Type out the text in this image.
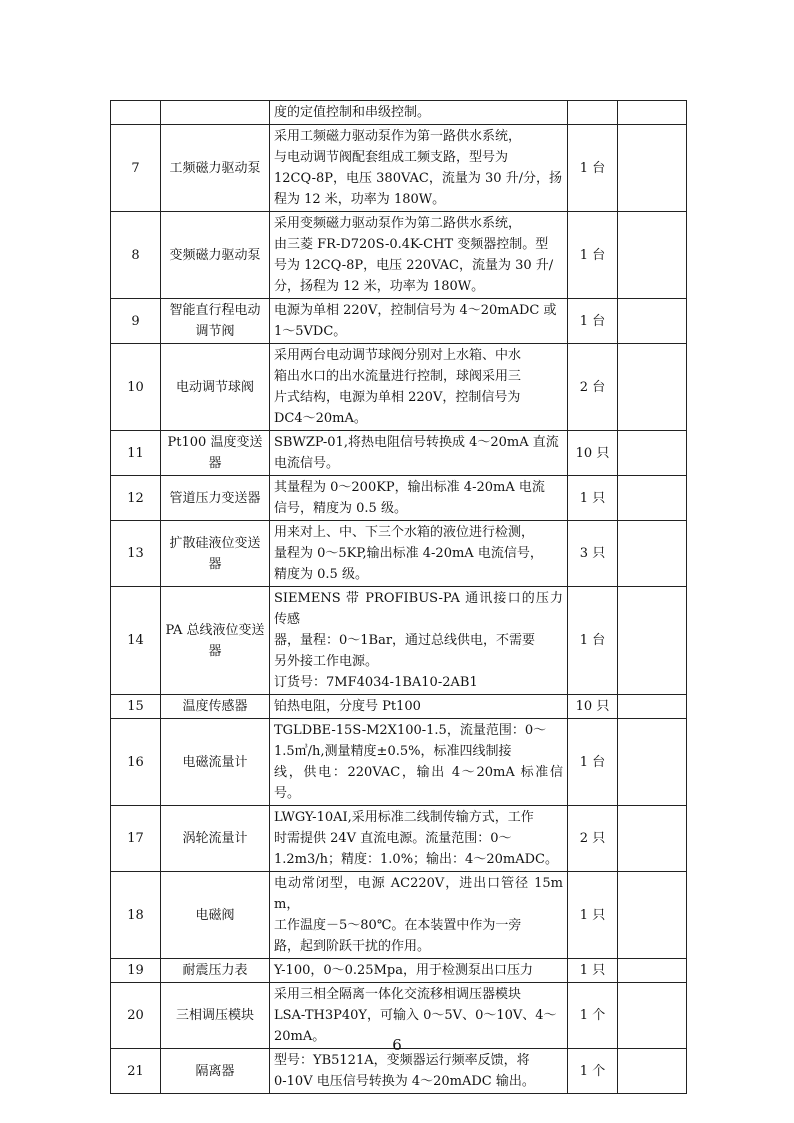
		度的定值控制和串级控制。		

7	工频磁力驱动泵	采用工频磁力驱动泵作为第一路供水系统，
与电动调节阀配套组成工频支路，型号为
12CQ-8P，电压 380VAC，流量为 30 升/分，扬
程为 12 米，功率为 180W。	1 台	
8	变频磁力驱动泵	采用变频磁力驱动泵作为第二路供水系统，
由三菱 FR-D720S-0.4K-CHT 变频器控制。型
号为 12CQ-8P，电压 220VAC，流量为 30 升/
分，扬程为 12 米，功率为 180W。	1 台	
9	智能直行程电动调节阀	电源为单相 220V，控制信号为 4～20mADC 或
1～5VDC。	1 台	
10	电动调节球阀	采用两台电动调节球阀分别对上水箱、中水
箱出水口的出水流量进行控制，球阀采用三
片式结构，电源为单相 220V，控制信号为
DC4～20mA。	2 台	
11	Pt100 温度变送器	SBWZP-01,将热电阻信号转换成 4～20mA 直流
电流信号。	10 只	
12	管道压力变送器	其量程为 0～200KP，输出标准 4-20mA 电流
信号，精度为 0.5 级。	1 只	
13	扩散硅液位变送器	用来对上、中、下三个水箱的液位进行检测，
量程为 0～5KP,输出标准 4-20mA 电流信号，
精度为 0.5 级。	3 只	
14	PA 总线液位变送器	SIEMENS 带 PROFIBUS-PA 通讯接口的压力传感
器，量程：0～1Bar，通过总线供电，不需要
另外接工作电源。
订货号：7MF4034-1BA10-2AB1	1 台	
15	温度传感器	铂热电阻，分度号 Pt100	10 只	
16	电磁流量计	TGLDBE-15S-M2X100-1.5，流量范围：0～
1.5㎥/h,测量精度±0.5%，标准四线制接
线，供电：220VAC，输出 4～20mA 标准信号。	1 台	
17	涡轮流量计	LWGY-10AI,采用标准二线制传输方式，工作
时需提供 24V 直流电源。流量范围：0～
1.2m3/h；精度：1.0%；输出：4～20mADC。	2 只	
18	电磁阀	电动常闭型，电源 AC220V，进出口管径 15mm，
工作温度－5～80℃。在本装置中作为一旁
路，起到阶跃干扰的作用。	1 只	
19	耐震压力表	Y-100，0～0.25Mpa，用于检测泵出口压力	1 只	
20	三相调压模块	采用三相全隔离一体化交流移相调压器模块
LSA-TH3P40Y，可输入 0～5V、0～10V、4～
20mA。	1 个	
21	隔离器	型号：YB5121A，变频器运行频率反馈，将
0-10V 电压信号转换为 4～20mADC 输出。	1 个	
6
